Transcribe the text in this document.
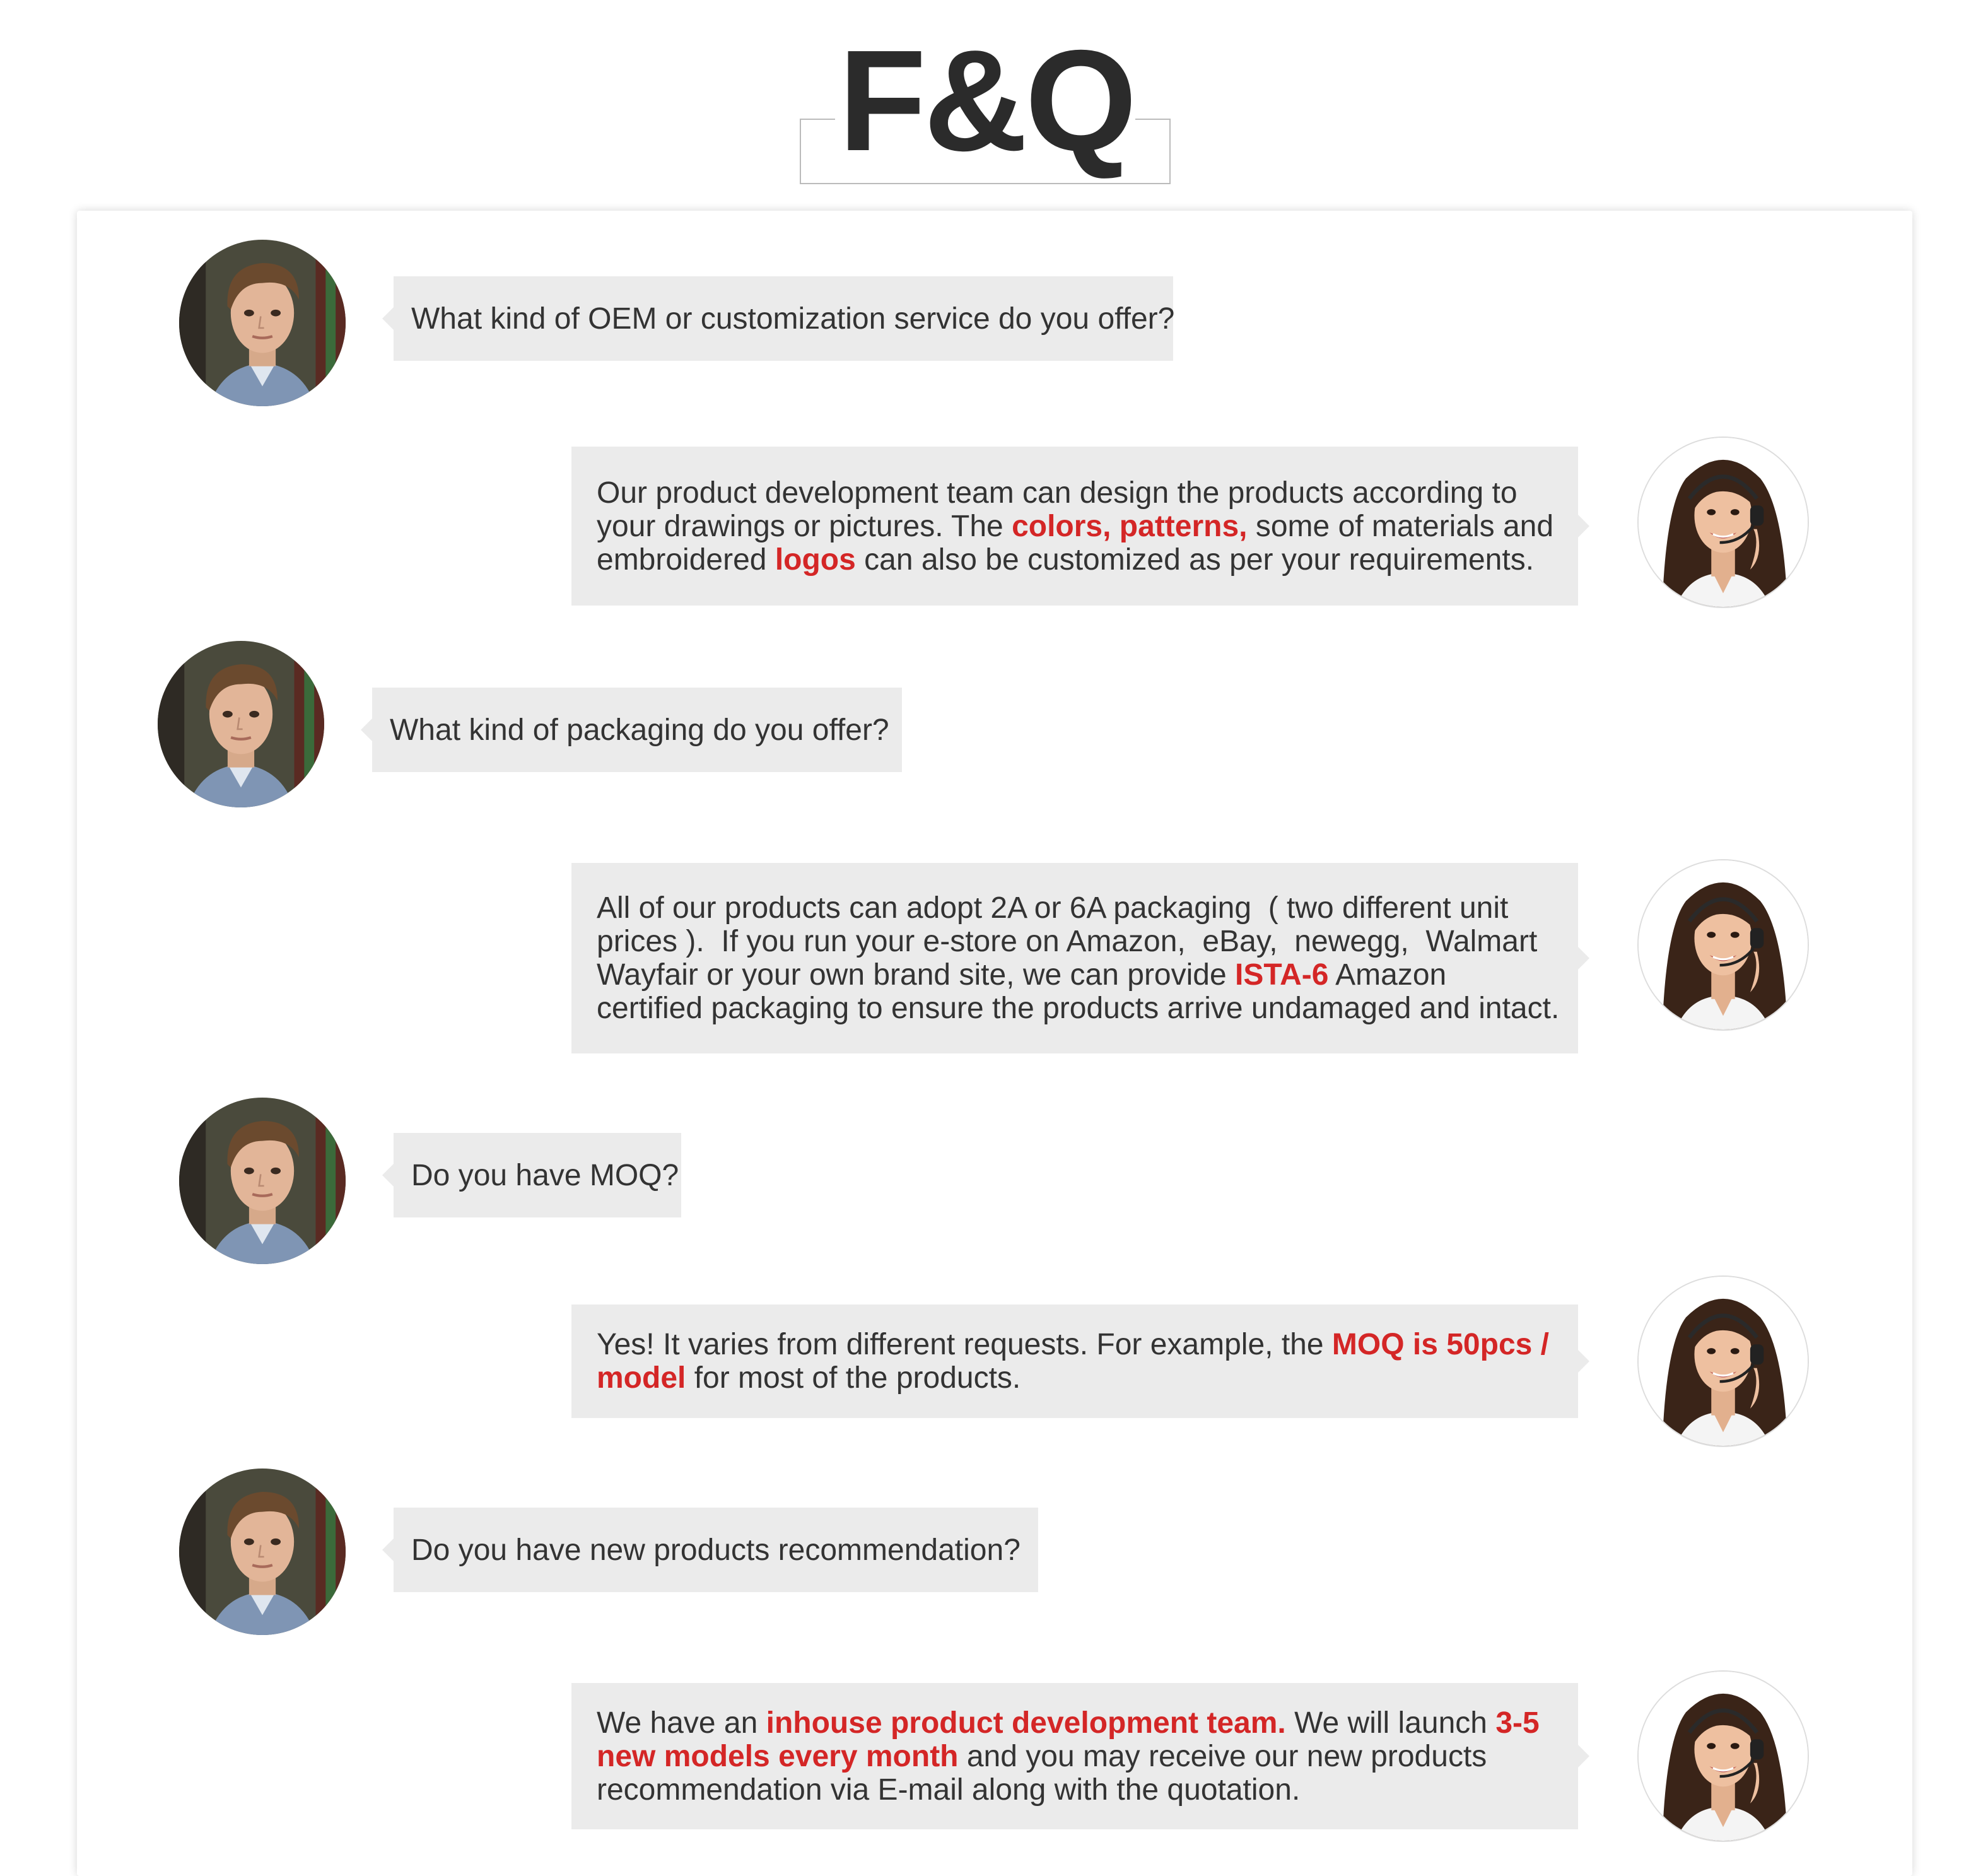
F&Q
What kind of OEM or customization service do you offer?
Our product development team can design the products according to your drawings or pictures. The colors, patterns, some of materials and embroidered logos can also be customized as per your requirements.
What kind of packaging do you offer?
All of our products can adopt 2A or 6A packaging  ( two different unit prices ).  If you run your e-store on Amazon,  eBay,  newegg,  Walmart Wayfair or your own brand site, we can provide ISTA-6 Amazon certified packaging to ensure the products arrive undamaged and intact.
Do you have MOQ?
Yes! It varies from different requests. For example, the MOQ is 50pcs / model for most of the products.
Do you have new products recommendation?
We have an inhouse product development team. We will launch 3-5 new models every month and you may receive our new products recommendation via E-mail along with the quotation.
